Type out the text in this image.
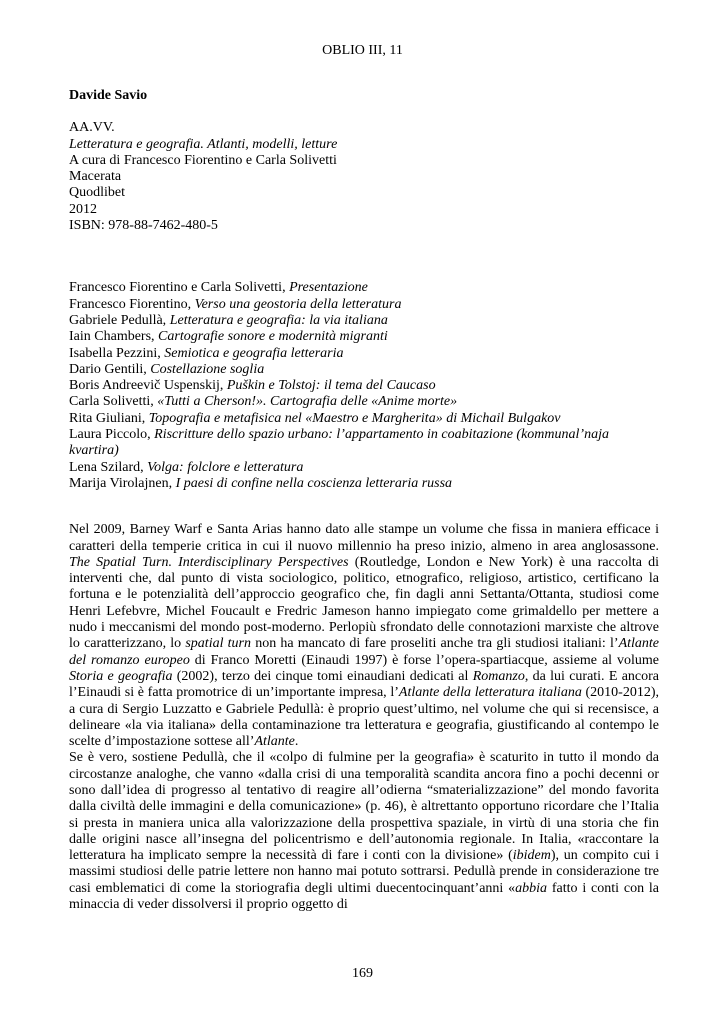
OBLIO III, 11
Davide Savio
AA.VV.
Letteratura e geografia. Atlanti, modelli, letture
A cura di Francesco Fiorentino e Carla Solivetti
Macerata
Quodlibet
2012
ISBN: 978-88-7462-480-5
Francesco Fiorentino e Carla Solivetti, Presentazione
Francesco Fiorentino, Verso una geostoria della letteratura
Gabriele Pedullà, Letteratura e geografia: la via italiana
Iain Chambers, Cartografie sonore e modernità migranti
Isabella Pezzini, Semiotica e geografia letteraria
Dario Gentili, Costellazione soglia
Boris Andreevič Uspenskij, Puškin e Tolstoj: il tema del Caucaso
Carla Solivetti, «Tutti a Cherson!». Cartografia delle «Anime morte»
Rita Giuliani, Topografia e metafisica nel «Maestro e Margherita» di Michail Bulgakov
Laura Piccolo, Riscritture dello spazio urbano: l’appartamento in coabitazione (kommunal’naja kvartira)
Lena Szilard, Volga: folclore e letteratura
Marija Virolajnen, I paesi di confine nella coscienza letteraria russa

Nel 2009, Barney Warf e Santa Arias hanno dato alle stampe un volume che fissa in maniera efficace i caratteri della temperie critica in cui il nuovo millennio ha preso inizio, almeno in area anglosassone. The Spatial Turn. Interdisciplinary Perspectives (Routledge, London e New York) è una raccolta di interventi che, dal punto di vista sociologico, politico, etnografico, religioso, artistico, certificano la fortuna e le potenzialità dell’approccio geografico che, fin dagli anni Settanta/Ottanta, studiosi come Henri Lefebvre, Michel Foucault e Fredric Jameson hanno impiegato come grimaldello per mettere a nudo i meccanismi del mondo post-moderno. Perlopiù sfrondato delle connotazioni marxiste che altrove lo caratterizzano, lo spatial turn non ha mancato di fare proseliti anche tra gli studiosi italiani: l’Atlante del romanzo europeo di Franco Moretti (Einaudi 1997) è forse l’opera-spartiacque, assieme al volume Storia e geografia (2002), terzo dei cinque tomi einaudiani dedicati al Romanzo, da lui curati. E ancora l’Einaudi si è fatta promotrice di un’importante impresa, l’Atlante della letteratura italiana (2010-2012), a cura di Sergio Luzzatto e Gabriele Pedullà: è proprio quest’ultimo, nel volume che qui si recensisce, a delineare «la via italiana» della contaminazione tra letteratura e geografia, giustificando al contempo le scelte d’impostazione sottese all’Atlante.

Se è vero, sostiene Pedullà, che il «colpo di fulmine per la geografia» è scaturito in tutto il mondo da circostanze analoghe, che vanno «dalla crisi di una temporalità scandita ancora fino a pochi decenni or sono dall’idea di progresso al tentativo di reagire all’odierna “smaterializzazione” del mondo favorita dalla civiltà delle immagini e della comunicazione» (p. 46), è altrettanto opportuno ricordare che l’Italia si presta in maniera unica alla valorizzazione della prospettiva spaziale, in virtù di una storia che fin dalle origini nasce all’insegna del policentrismo e dell’autonomia regionale. In Italia, «raccontare la letteratura ha implicato sempre la necessità di fare i conti con la divisione» (ibidem), un compito cui i massimi studiosi delle patrie lettere non hanno mai potuto sottrarsi. Pedullà prende in considerazione tre casi emblematici di come la storiografia degli ultimi duecentocinquant’anni «abbia fatto i conti con la minaccia di veder dissolversi il proprio oggetto di

169
